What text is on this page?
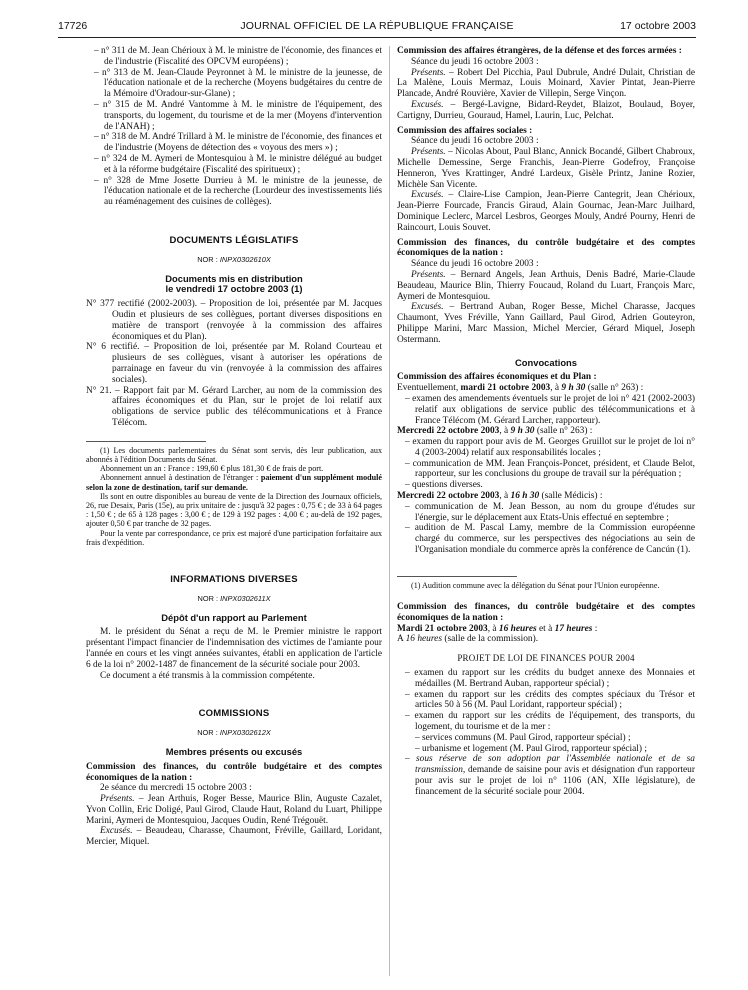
17726	JOURNAL OFFICIEL DE LA RÉPUBLIQUE FRANÇAISE	17 octobre 2003

– n° 311 de M. Jean Chérioux à M. le ministre de l'économie, des finances et de l'industrie (Fiscalité des OPCVM européens) ;

– n° 313 de M. Jean-Claude Peyronnet à M. le ministre de la jeunesse, de l'éducation nationale et de la recherche (Moyens budgétaires du centre de la Mémoire d'Oradour-sur-Glane) ;

– n° 315 de M. André Vantomme à M. le ministre de l'équipement, des transports, du logement, du tourisme et de la mer (Moyens d'intervention de l'ANAH) ;

– n° 318 de M. André Trillard à M. le ministre de l'économie, des finances et de l'industrie (Moyens de détection des « voyous des mers ») ;

– n° 324 de M. Aymeri de Montesquiou à M. le ministre délégué au budget et à la réforme budgétaire (Fiscalité des spiritueux) ;

– n° 328 de Mme Josette Durrieu à M. le ministre de la jeunesse, de l'éducation nationale et de la recherche (Lourdeur des investissements liés au réaménagement des cuisines de collèges).

DOCUMENTS LÉGISLATIFS

NOR : INPX0302610X

Documents mis en distribution

le vendredi 17 octobre 2003 (1)

N° 377 rectifié (2002-2003). – Proposition de loi, présentée par M. Jacques Oudin et plusieurs de ses collègues, portant diverses dispositions en matière de transport (renvoyée à la commission des affaires économiques et du Plan).

N° 6 rectifié. – Proposition de loi, présentée par M. Roland Courteau et plusieurs de ses collègues, visant à autoriser les opérations de parrainage en faveur du vin (renvoyée à la commission des affaires sociales).

N° 21. – Rapport fait par M. Gérard Larcher, au nom de la commission des affaires économiques et du Plan, sur le projet de loi relatif aux obligations de service public des télécommunications et à France Télécom.

(1) Les documents parlementaires du Sénat sont servis, dès leur publication, aux abonnés à l'édition Documents du Sénat.

Abonnement un an : France : 199,60 € plus 181,30 € de frais de port.

Abonnement annuel à destination de l'étranger : paiement d'un supplément modulé selon la zone de destination, tarif sur demande.

Ils sont en outre disponibles au bureau de vente de la Direction des Journaux officiels, 26, rue Desaix, Paris (15e), au prix unitaire de : jusqu'à 32 pages : 0,75 € ; de 33 à 64 pages : 1,50 € ; de 65 à 128 pages : 3,00 € ; de 129 à 192 pages : 4,00 € ; au-delà de 192 pages, ajouter 0,50 € par tranche de 32 pages.

Pour la vente par correspondance, ce prix est majoré d'une participation forfaitaire aux frais d'expédition.

INFORMATIONS DIVERSES

NOR : INPX0302611X

Dépôt d'un rapport au Parlement

M. le président du Sénat a reçu de M. le Premier ministre le rapport présentant l'impact financier de l'indemnisation des victimes de l'amiante pour l'année en cours et les vingt années suivantes, établi en application de l'article 6 de la loi n° 2002-1487 de financement de la sécurité sociale pour 2003.

Ce document a été transmis à la commission compétente.

COMMISSIONS

NOR : INPX0302612X

Membres présents ou excusés

Commission des finances, du contrôle budgétaire et des comptes économiques de la nation :

2e séance du mercredi 15 octobre 2003 :

Présents. – Jean Arthuis, Roger Besse, Maurice Blin, Auguste Cazalet, Yvon Collin, Eric Doligé, Paul Girod, Claude Haut, Roland du Luart, Philippe Marini, Aymeri de Montesquiou, Jacques Oudin, René Trégouët.

Excusés. – Beaudeau, Charasse, Chaumont, Fréville, Gaillard, Loridant, Mercier, Miquel.

Commission des affaires étrangères, de la défense et des forces armées :

Séance du jeudi 16 octobre 2003 :

Présents. – Robert Del Picchia, Paul Dubrule, André Dulait, Christian de La Malène, Louis Mermaz, Louis Moinard, Xavier Pintat, Jean-Pierre Plancade, André Rouvière, Xavier de Villepin, Serge Vinçon.

Excusés. – Bergé-Lavigne, Bidard-Reydet, Blaizot, Boulaud, Boyer, Cartigny, Durrieu, Gouraud, Hamel, Laurin, Luc, Pelchat.

Commission des affaires sociales :

Séance du jeudi 16 octobre 2003 :

Présents. – Nicolas About, Paul Blanc, Annick Bocandé, Gilbert Chabroux, Michelle Demessine, Serge Franchis, Jean-Pierre Godefroy, Françoise Henneron, Yves Krattinger, André Lardeux, Gisèle Printz, Janine Rozier, Michèle San Vicente.

Excusés. – Claire-Lise Campion, Jean-Pierre Cantegrit, Jean Chérioux, Jean-Pierre Fourcade, Francis Giraud, Alain Gournac, Jean-Marc Juilhard, Dominique Leclerc, Marcel Lesbros, Georges Mouly, André Pourny, Henri de Raincourt, Louis Souvet.

Commission des finances, du contrôle budgétaire et des comptes économiques de la nation :

Séance du jeudi 16 octobre 2003 :

Présents. – Bernard Angels, Jean Arthuis, Denis Badré, Marie-Claude Beaudeau, Maurice Blin, Thierry Foucaud, Roland du Luart, François Marc, Aymeri de Montesquiou.

Excusés. – Bertrand Auban, Roger Besse, Michel Charasse, Jacques Chaumont, Yves Fréville, Yann Gaillard, Paul Girod, Adrien Gouteyron, Philippe Marini, Marc Massion, Michel Mercier, Gérard Miquel, Joseph Ostermann.

Convocations

Commission des affaires économiques et du Plan :

Eventuellement, mardi 21 octobre 2003, à 9 h 30 (salle n° 263) :

– examen des amendements éventuels sur le projet de loi n° 421 (2002-2003) relatif aux obligations de service public des télécommunications et à France Télécom (M. Gérard Larcher, rapporteur).

Mercredi 22 octobre 2003, à 9 h 30 (salle n° 263) :

– examen du rapport pour avis de M. Georges Gruillot sur le projet de loi n° 4 (2003-2004) relatif aux responsabilités locales ;

– communication de MM. Jean François-Poncet, président, et Claude Belot, rapporteur, sur les conclusions du groupe de travail sur la péréquation ;

– questions diverses.

Mercredi 22 octobre 2003, à 16 h 30 (salle Médicis) :

– communication de M. Jean Besson, au nom du groupe d'études sur l'énergie, sur le déplacement aux Etats-Unis effectué en septembre ;

– audition de M. Pascal Lamy, membre de la Commission européenne chargé du commerce, sur les perspectives des négociations au sein de l'Organisation mondiale du commerce après la conférence de Cancún (1).

(1) Audition commune avec la délégation du Sénat pour l'Union européenne.

Commission des finances, du contrôle budgétaire et des comptes économiques de la nation :

Mardi 21 octobre 2003, à 16 heures et à 17 heures :

A 16 heures (salle de la commission).

PROJET DE LOI DE FINANCES POUR 2004

– examen du rapport sur les crédits du budget annexe des Monnaies et médailles (M. Bertrand Auban, rapporteur spécial) ;

– examen du rapport sur les crédits des comptes spéciaux du Trésor et articles 50 à 56 (M. Paul Loridant, rapporteur spécial) ;

– examen du rapport sur les crédits de l'équipement, des transports, du logement, du tourisme et de la mer :

– services communs (M. Paul Girod, rapporteur spécial) ;

– urbanisme et logement (M. Paul Girod, rapporteur spécial) ;

– sous réserve de son adoption par l'Assemblée nationale et de sa transmission, demande de saisine pour avis et désignation d'un rapporteur pour avis sur le projet de loi n° 1106 (AN, XIIe législature), de financement de la sécurité sociale pour 2004.
